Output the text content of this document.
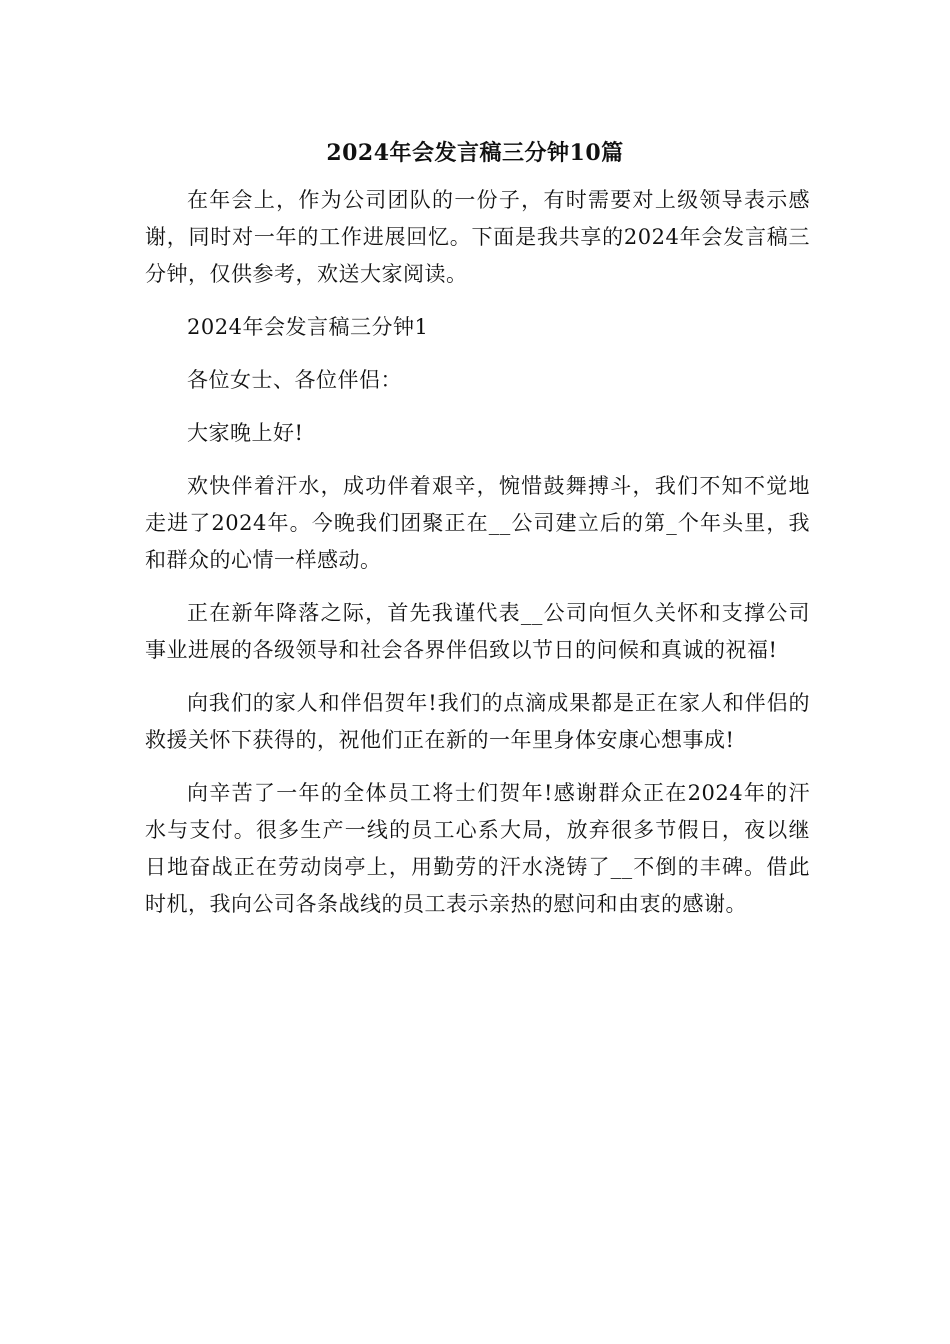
2024年会发言稿三分钟10篇

在年会上，作为公司团队的一份子，有时需要对上级领导表示感谢，同时对一年的工作进展回忆。下面是我共享的2024年会发言稿三分钟，仅供参考，欢送大家阅读。

2024年会发言稿三分钟1

各位女士、各位伴侣：

大家晚上好!

欢快伴着汗水，成功伴着艰辛，惋惜鼓舞搏斗，我们不知不觉地走进了2024年。今晚我们团聚正在__公司建立后的第_个年头里，我和群众的心情一样感动。

正在新年降落之际，首先我谨代表__公司向恒久关怀和支撑公司事业进展的各级领导和社会各界伴侣致以节日的问候和真诚的祝福!

向我们的家人和伴侣贺年!我们的点滴成果都是正在家人和伴侣的救援关怀下获得的，祝他们正在新的一年里身体安康心想事成!

向辛苦了一年的全体员工将士们贺年!感谢群众正在2024年的汗水与支付。很多生产一线的员工心系大局，放弃很多节假日，夜以继日地奋战正在劳动岗亭上，用勤劳的汗水浇铸了__不倒的丰碑。借此时机，我向公司各条战线的员工表示亲热的慰问和由衷的感谢。
